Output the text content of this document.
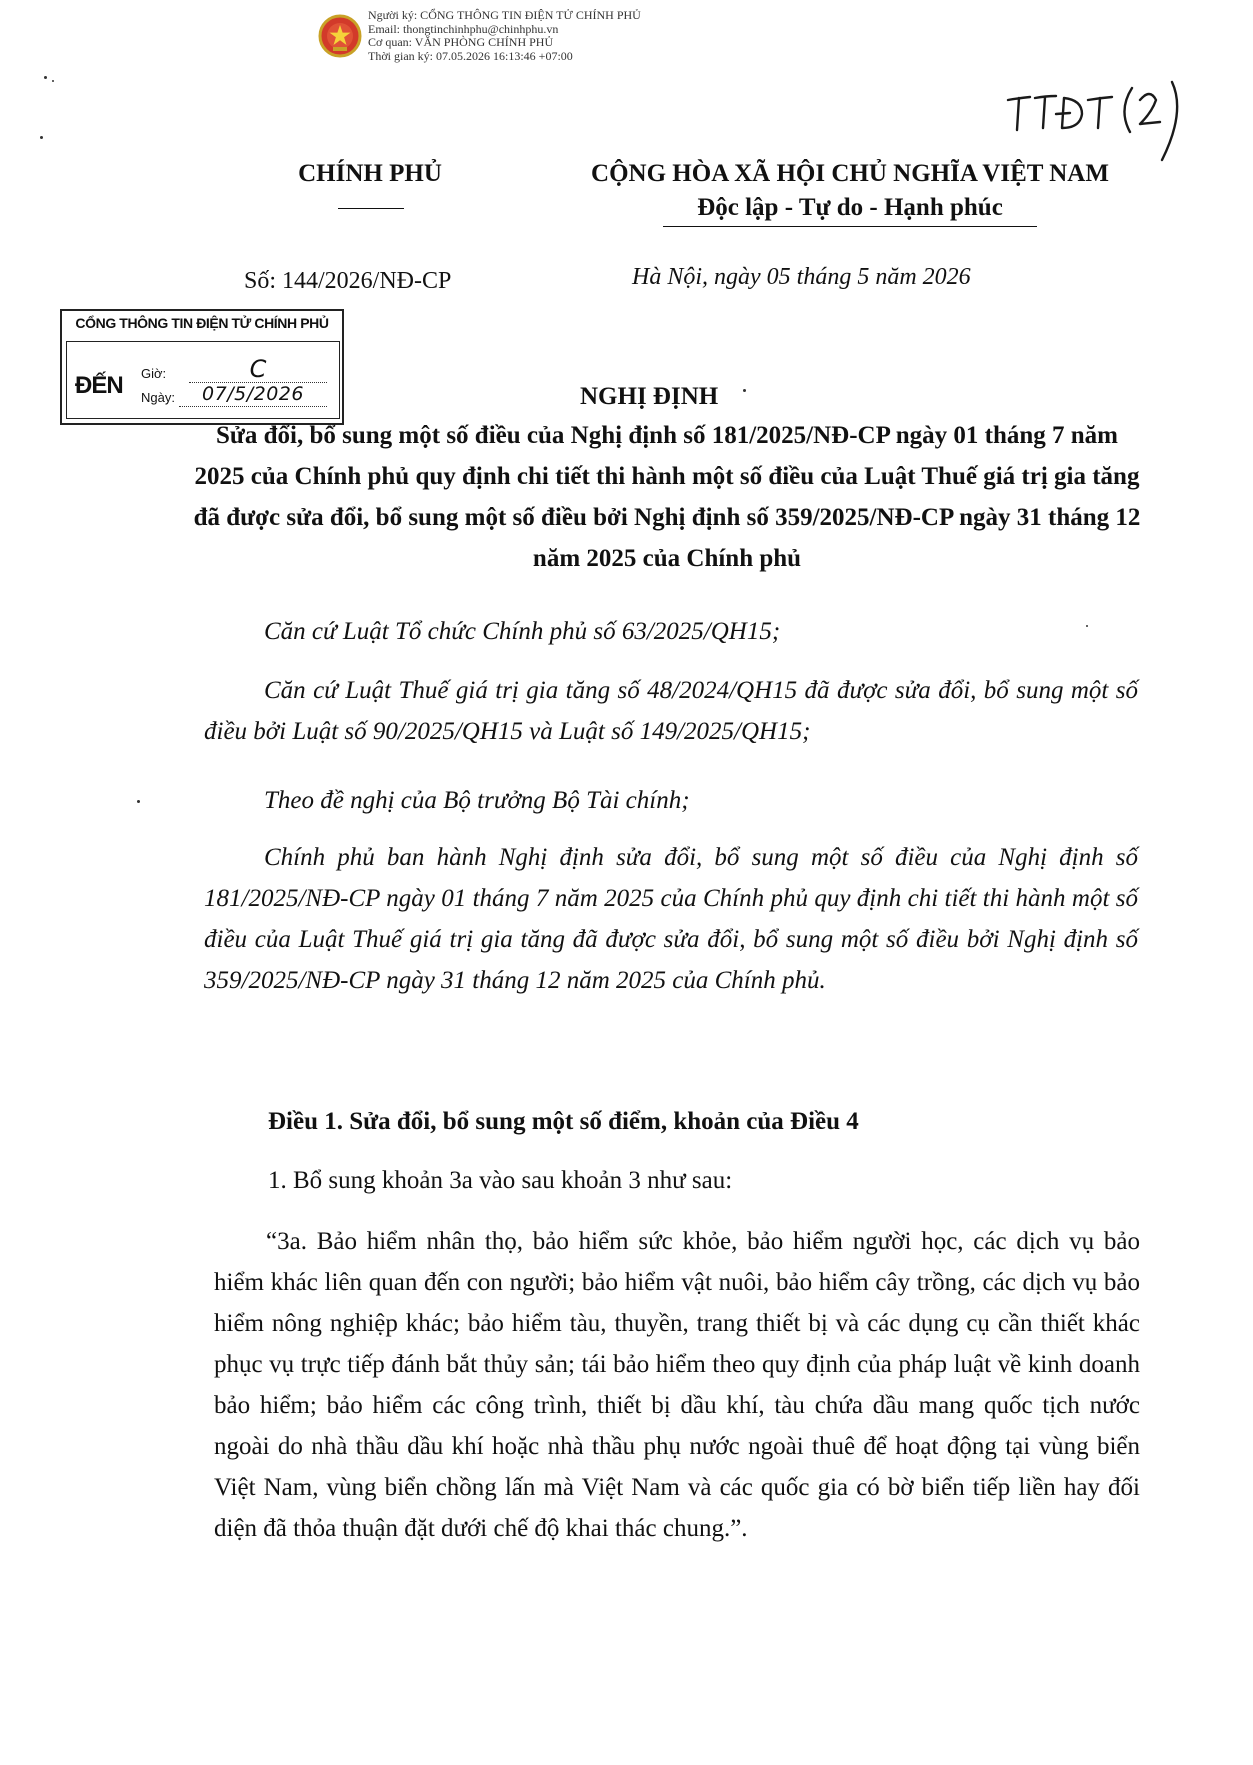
Người ký: CỔNG THÔNG TIN ĐIỆN TỬ CHÍNH PHỦ
Email: thongtinchinhphu@chinhphu.vn
Cơ quan: VĂN PHÒNG CHÍNH PHỦ
Thời gian ký: 07.05.2026 16:13:46 +07:00
CHÍNH PHỦ	CỘNG HÒA XÃ HỘI CHỦ NGHĨA VIỆT NAM
Độc lập - Tự do - Hạnh phúc
Số: 144/2026/NĐ-CP	Hà Nội, ngày 05 tháng 5 năm 2026
CỔNG THÔNG TIN ĐIỆN TỬ CHÍNH PHỦ
ĐẾN Giờ:	C
Ngày:	07/5/2026	NGHỊ ĐỊNH
Sửa đổi, bổ sung một số điều của Nghị định số 181/2025/NĐ-CP ngày 01 tháng 7 năm 2025 của Chính phủ quy định chi tiết thi hành một số điều của Luật Thuế giá trị gia tăng đã được sửa đổi, bổ sung một số điều bởi Nghị định số 359/2025/NĐ-CP ngày 31 tháng 12 năm 2025 của Chính phủ
Căn cứ Luật Tổ chức Chính phủ số 63/2025/QH15;
Căn cứ Luật Thuế giá trị gia tăng số 48/2024/QH15 đã được sửa đổi, bổ sung một số điều bởi Luật số 90/2025/QH15 và Luật số 149/2025/QH15;
Theo đề nghị của Bộ trưởng Bộ Tài chính;
Chính phủ ban hành Nghị định sửa đổi, bổ sung một số điều của Nghị định số 181/2025/NĐ-CP ngày 01 tháng 7 năm 2025 của Chính phủ quy định chi tiết thi hành một số điều của Luật Thuế giá trị gia tăng đã được sửa đổi, bổ sung một số điều bởi Nghị định số 359/2025/NĐ-CP ngày 31 tháng 12 năm 2025 của Chính phủ.
Điều 1. Sửa đổi, bổ sung một số điểm, khoản của Điều 4
1. Bổ sung khoản 3a vào sau khoản 3 như sau:
“3a. Bảo hiểm nhân thọ, bảo hiểm sức khỏe, bảo hiểm người học, các dịch vụ bảo hiểm khác liên quan đến con người; bảo hiểm vật nuôi, bảo hiểm cây trồng, các dịch vụ bảo hiểm nông nghiệp khác; bảo hiểm tàu, thuyền, trang thiết bị và các dụng cụ cần thiết khác phục vụ trực tiếp đánh bắt thủy sản; tái bảo hiểm theo quy định của pháp luật về kinh doanh bảo hiểm; bảo hiểm các công trình, thiết bị dầu khí, tàu chứa dầu mang quốc tịch nước ngoài do nhà thầu dầu khí hoặc nhà thầu phụ nước ngoài thuê để hoạt động tại vùng biển Việt Nam, vùng biển chồng lấn mà Việt Nam và các quốc gia có bờ biển tiếp liền hay đối diện đã thỏa thuận đặt dưới chế độ khai thác chung.”.
